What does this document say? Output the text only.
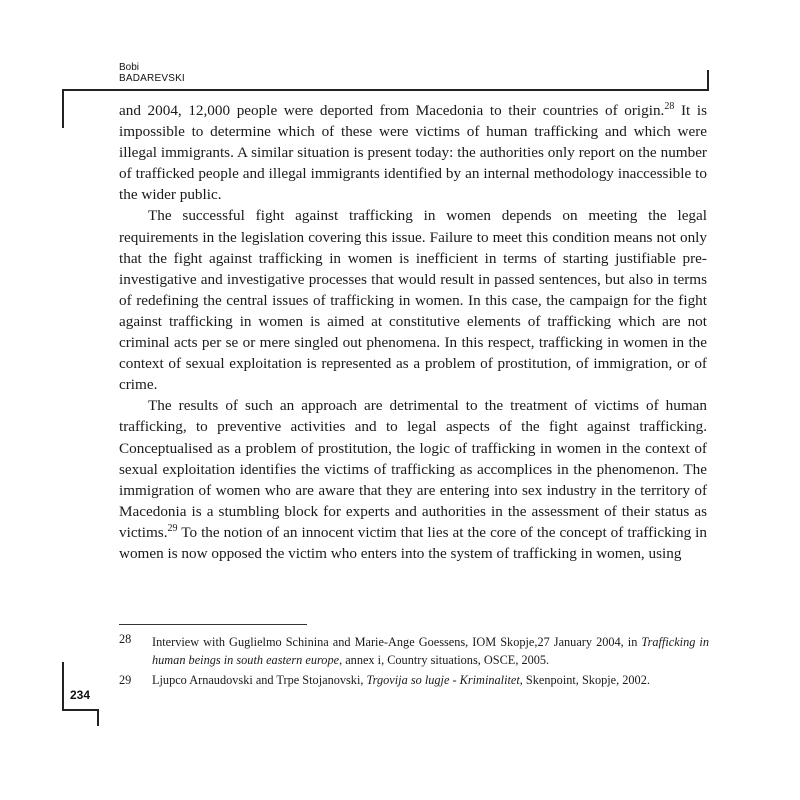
Bobi
BADAREVSKI

and 2004, 12,000 people were deported from Macedonia to their countries of origin.$^{28}$ It is impossible to determine which of these were victims of human trafficking and which were illegal immigrants. A similar situation is present today: the authorities only report on the number of trafficked people and illegal immigrants identified by an internal methodology inaccessible to the wider public.

The successful fight against trafficking in women depends on meeting the legal requirements in the legislation covering this issue. Failure to meet this condition means not only that the fight against trafficking in women is inefficient in terms of starting justifiable pre-investigative and investigative processes that would result in passed sentences, but also in terms of redefining the central issues of trafficking in women. In this case, the campaign for the fight against trafficking in women is aimed at constitutive elements of trafficking which are not criminal acts per se or mere singled out phenomena. In this respect, trafficking in women in the context of sexual exploitation is represented as a problem of prostitution, of immigration, or of crime.

The results of such an approach are detrimental to the treatment of victims of human trafficking, to preventive activities and to legal aspects of the fight against trafficking. Conceptualised as a problem of prostitution, the logic of trafficking in women in the context of sexual exploitation identifies the victims of trafficking as accomplices in the phenomenon. The immigration of women who are aware that they are entering into sex industry in the territory of Macedonia is a stumbling block for experts and authorities in the assessment of their status as victims.$^{29}$ To the notion of an innocent victim that lies at the core of the concept of trafficking in women is now opposed the victim who enters into the system of trafficking in women, using

28 Interview with Guglielmo Schinina and Marie-Ange Goessens, IOM Skopje,27 January 2004, in Trafficking in human beings in south eastern europe, annex i, Country situations, OSCE, 2005.
29 Ljupco Arnaudovski and Trpe Stojanovski, Trgovija so lugje - Kriminalitet, Skenpoint, Skopje, 2002.
234
